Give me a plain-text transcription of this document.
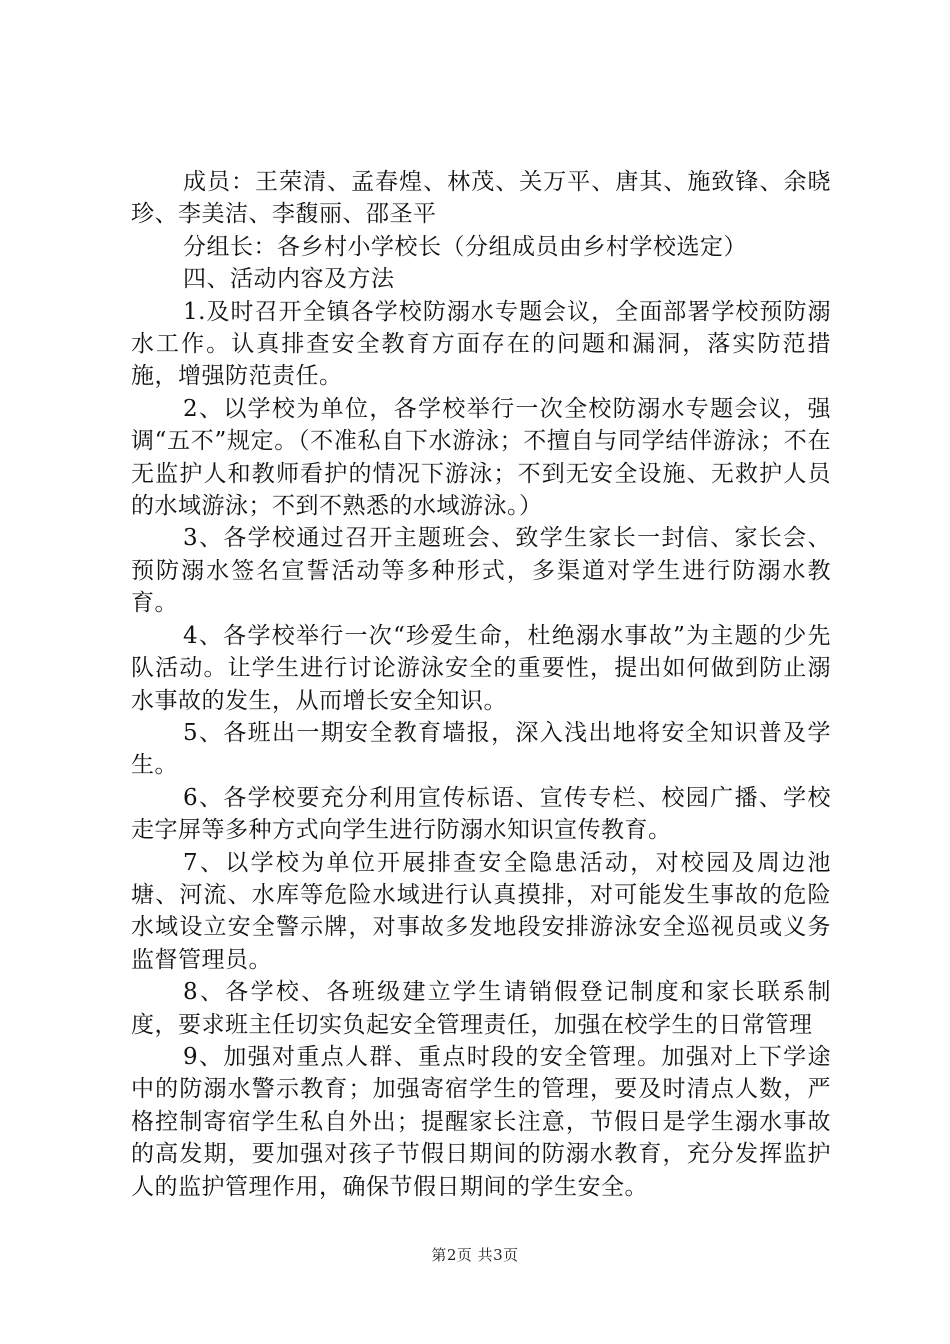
成员：王荣清、孟春煌、林茂、关万平、唐其、施致锋、余晓珍、李美洁、李馥丽、邵圣平

分组长：各乡村小学校长（分组成员由乡村学校选定）

四、活动内容及方法

1.及时召开全镇各学校防溺水专题会议，全面部署学校预防溺水工作。认真排查安全教育方面存在的问题和漏洞，落实防范措施，增强防范责任。

2、以学校为单位，各学校举行一次全校防溺水专题会议，强调“五不”规定。（不准私自下水游泳；不擅自与同学结伴游泳；不在无监护人和教师看护的情况下游泳；不到无安全设施、无救护人员的水域游泳；不到不熟悉的水域游泳。）

3、各学校通过召开主题班会、致学生家长一封信、家长会、预防溺水签名宣誓活动等多种形式，多渠道对学生进行防溺水教育。

4、各学校举行一次“珍爱生命，杜绝溺水事故”为主题的少先队活动。让学生进行讨论游泳安全的重要性，提出如何做到防止溺水事故的发生，从而增长安全知识。

5、各班出一期安全教育墙报，深入浅出地将安全知识普及学生。

6、各学校要充分利用宣传标语、宣传专栏、校园广播、学校走字屏等多种方式向学生进行防溺水知识宣传教育。

7、以学校为单位开展排查安全隐患活动，对校园及周边池塘、河流、水库等危险水域进行认真摸排，对可能发生事故的危险水域设立安全警示牌，对事故多发地段安排游泳安全巡视员或义务监督管理员。

8、各学校、各班级建立学生请销假登记制度和家长联系制度，要求班主任切实负起安全管理责任，加强在校学生的日常管理

9、加强对重点人群、重点时段的安全管理。加强对上下学途中的防溺水警示教育；加强寄宿学生的管理，要及时清点人数，严格控制寄宿学生私自外出；提醒家长注意，节假日是学生溺水事故的高发期，要加强对孩子节假日期间的防溺水教育，充分发挥监护人的监护管理作用，确保节假日期间的学生安全。

第2页 共3页
